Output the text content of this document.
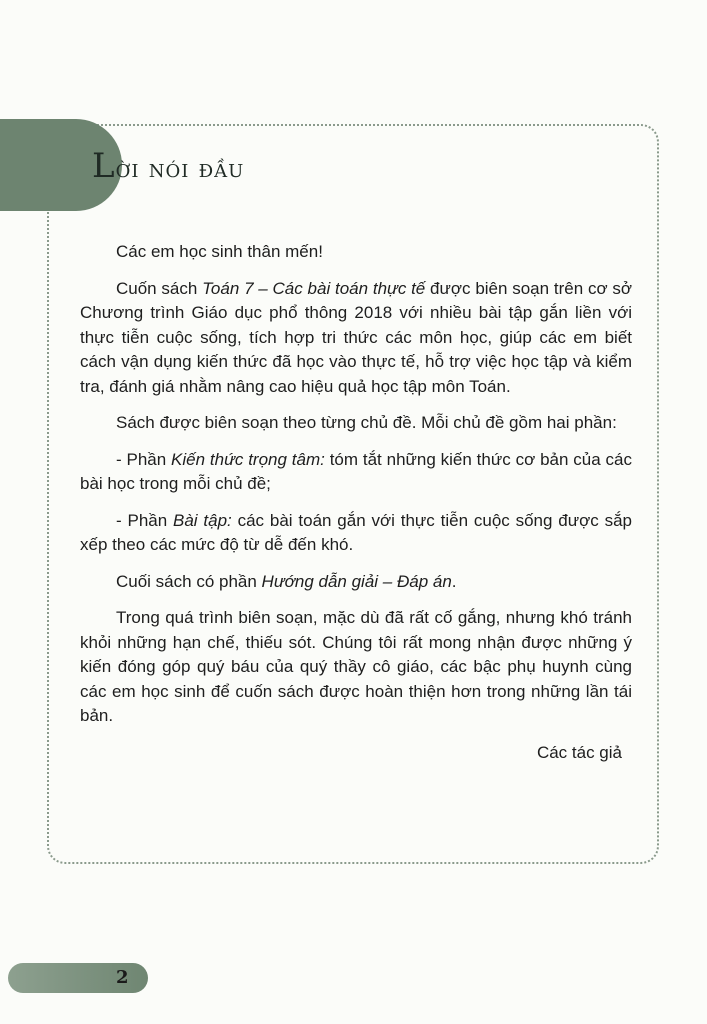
Lời nói đầu

Các em học sinh thân mến!

Cuốn sách Toán 7 – Các bài toán thực tế được biên soạn trên cơ sở Chương trình Giáo dục phổ thông 2018 với nhiều bài tập gắn liền với thực tiễn cuộc sống, tích hợp tri thức các môn học, giúp các em biết cách vận dụng kiến thức đã học vào thực tế, hỗ trợ việc học tập và kiểm tra, đánh giá nhằm nâng cao hiệu quả học tập môn Toán.

Sách được biên soạn theo từng chủ đề. Mỗi chủ đề gồm hai phần:

- Phần Kiến thức trọng tâm: tóm tắt những kiến thức cơ bản của các bài học trong mỗi chủ đề;

- Phần Bài tập: các bài toán gắn với thực tiễn cuộc sống được sắp xếp theo các mức độ từ dễ đến khó.

Cuối sách có phần Hướng dẫn giải – Đáp án.

Trong quá trình biên soạn, mặc dù đã rất cố gắng, nhưng khó tránh khỏi những hạn chế, thiếu sót. Chúng tôi rất mong nhận được những ý kiến đóng góp quý báu của quý thầy cô giáo, các bậc phụ huynh cùng các em học sinh để cuốn sách được hoàn thiện hơn trong những lần tái bản.

Các tác giả

2
